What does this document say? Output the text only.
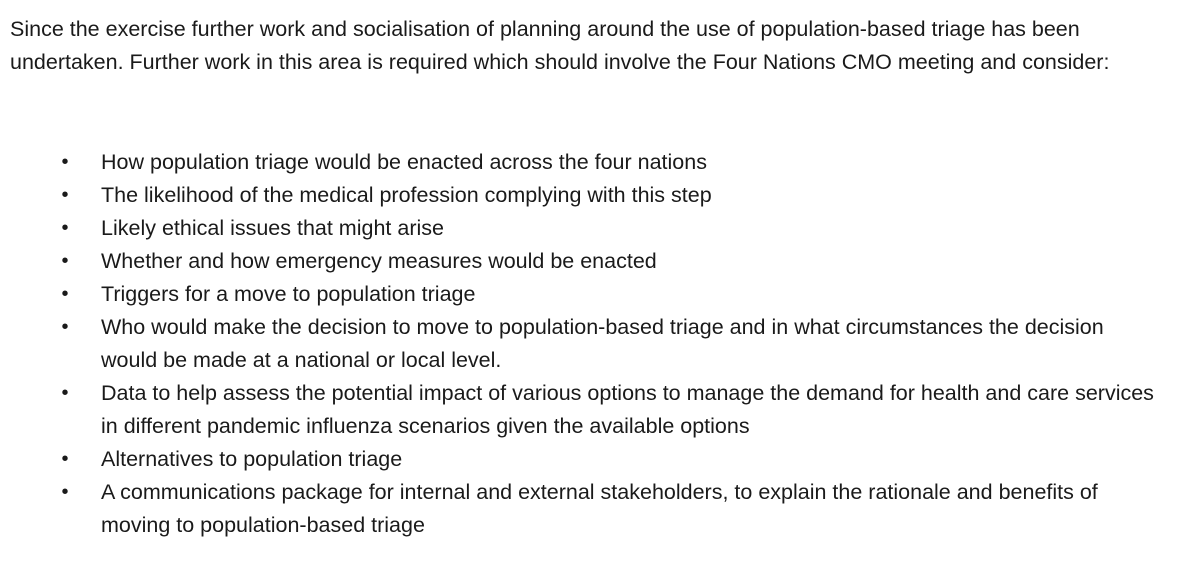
Since the exercise further work and socialisation of planning around the use of population-based triage has been undertaken. Further work in this area is required which should involve the Four Nations CMO meeting and consider:

• How population triage would be enacted across the four nations
• The likelihood of the medical profession complying with this step
• Likely ethical issues that might arise
• Whether and how emergency measures would be enacted
• Triggers for a move to population triage
• Who would make the decision to move to population-based triage and in what circumstances the decision would be made at a national or local level.
• Data to help assess the potential impact of various options to manage the demand for health and care services in different pandemic influenza scenarios given the available options
• Alternatives to population triage
• A communications package for internal and external stakeholders, to explain the rationale and benefits of moving to population-based triage
